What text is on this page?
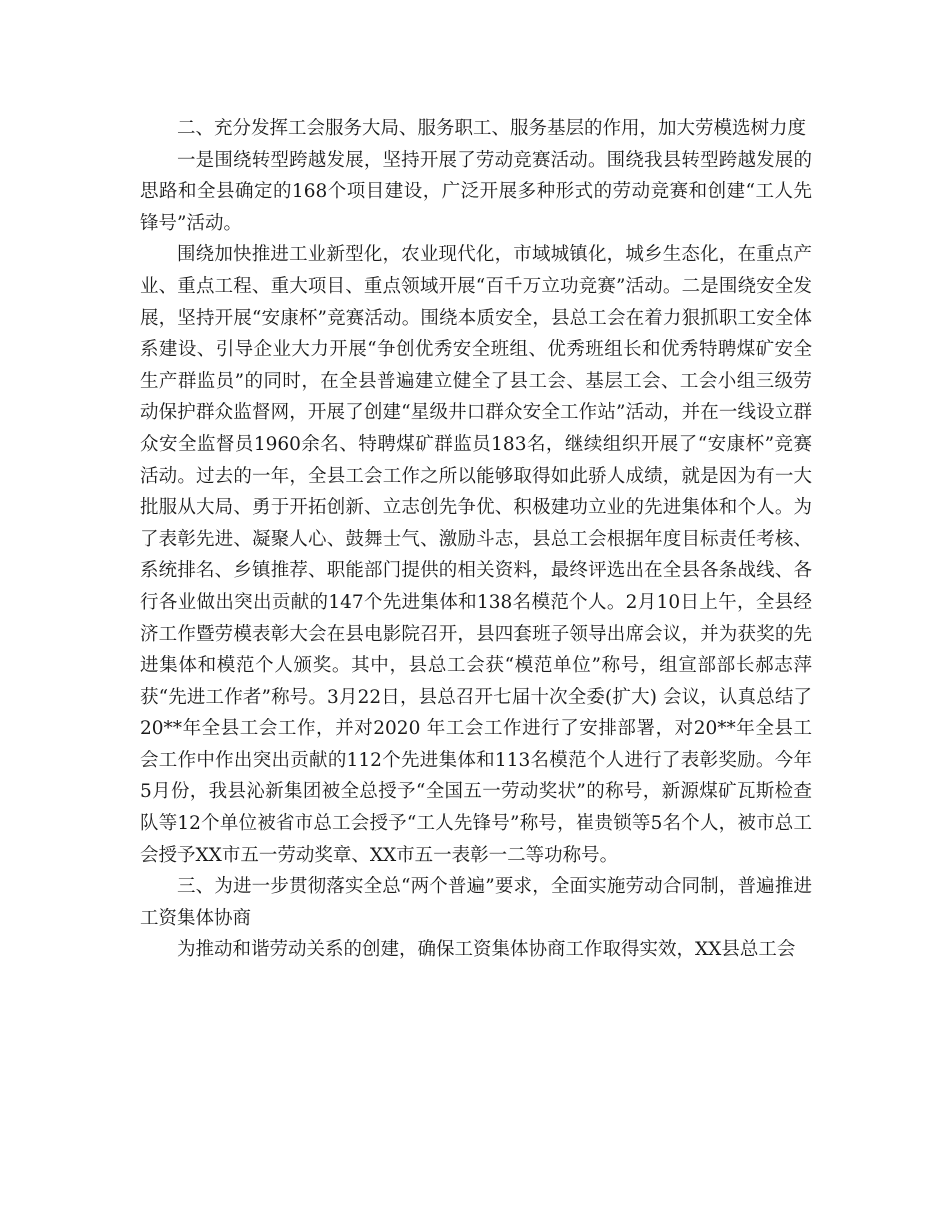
二、充分发挥工会服务大局、服务职工、服务基层的作用，加大劳模选树力度

一是围绕转型跨越发展，坚持开展了劳动竞赛活动。围绕我县转型跨越发展的思路和全县确定的168个项目建设，广泛开展多种形式的劳动竞赛和创建“工人先锋号”活动。

围绕加快推进工业新型化，农业现代化，市域城镇化，城乡生态化，在重点产业、重点工程、重大项目、重点领域开展“百千万立功竞赛”活动。二是围绕安全发展，坚持开展“安康杯”竞赛活动。围绕本质安全，县总工会在着力狠抓职工安全体系建设、引导企业大力开展“争创优秀安全班组、优秀班组长和优秀特聘煤矿安全生产群监员”的同时，在全县普遍建立健全了县工会、基层工会、工会小组三级劳动保护群众监督网，开展了创建“星级井口群众安全工作站”活动，并在一线设立群众安全监督员1960余名、特聘煤矿群监员183名，继续组织开展了“安康杯”竞赛活动。过去的一年，全县工会工作之所以能够取得如此骄人成绩，就是因为有一大批服从大局、勇于开拓创新、立志创先争优、积极建功立业的先进集体和个人。为了表彰先进、凝聚人心、鼓舞士气、激励斗志，县总工会根据年度目标责任考核、系统排名、乡镇推荐、职能部门提供的相关资料，最终评选出在全县各条战线、各行各业做出突出贡献的147个先进集体和138名模范个人。2月10日上午，全县经济工作暨劳模表彰大会在县电影院召开，县四套班子领导出席会议，并为获奖的先进集体和模范个人颁奖。其中，县总工会获“模范单位”称号，组宣部部长郝志萍获“先进工作者”称号。3月22日，县总召开七届十次全委(扩大) 会议，认真总结了20**年全县工会工作，并对2020 年工会工作进行了安排部署，对20**年全县工会工作中作出突出贡献的112个先进集体和113名模范个人进行了表彰奖励。今年5月份，我县沁新集团被全总授予“全国五一劳动奖状”的称号，新源煤矿瓦斯检查队等12个单位被省市总工会授予“工人先锋号”称号，崔贵锁等5名个人，被市总工会授予XX市五一劳动奖章、XX市五一表彰一二等功称号。

三、为进一步贯彻落实全总“两个普遍”要求，全面实施劳动合同制，普遍推进工资集体协商

为推动和谐劳动关系的创建，确保工资集体协商工作取得实效，XX县总工会
